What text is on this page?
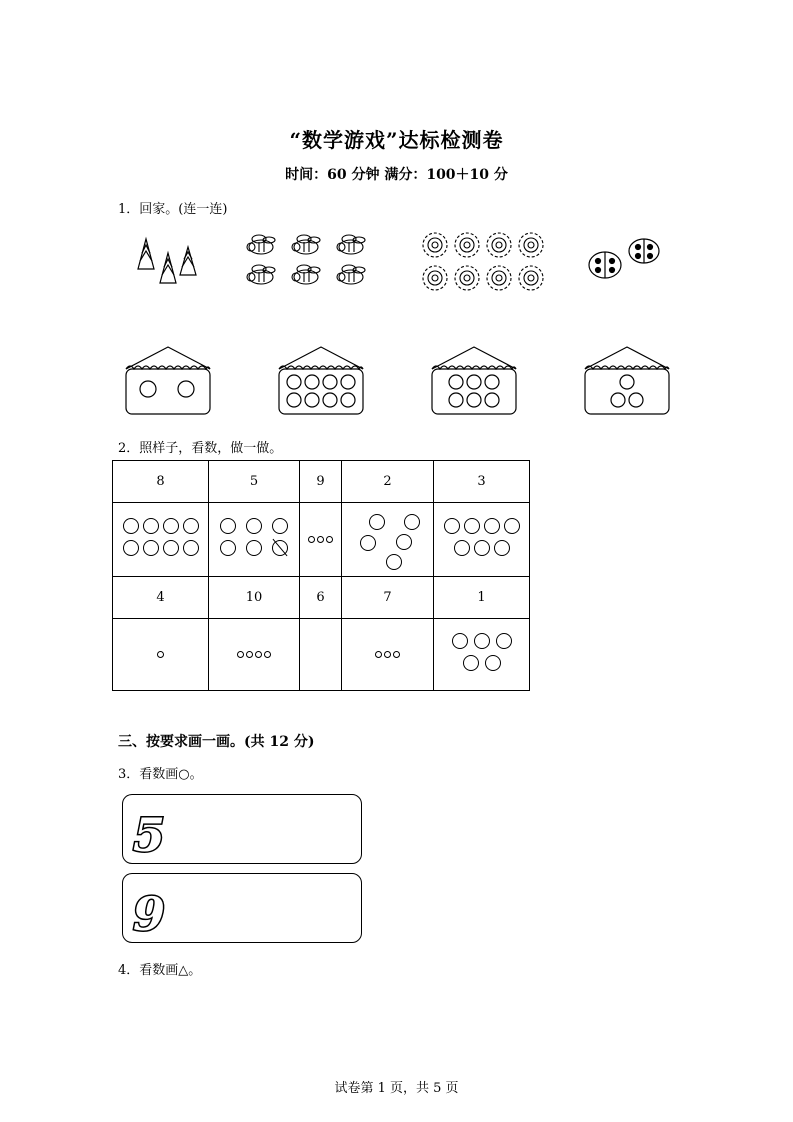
“数学游戏”达标检测卷
时间：60 分钟 满分：100＋10 分
1．回家。(连一连)
2．照样子，看数，做一做。
8	5	9	2	3

4	10	6	7	1

三、按要求画一画。(共 12 分)
3．看数画○。
5
9
4．看数画△。
试卷第 1 页，共 5 页
